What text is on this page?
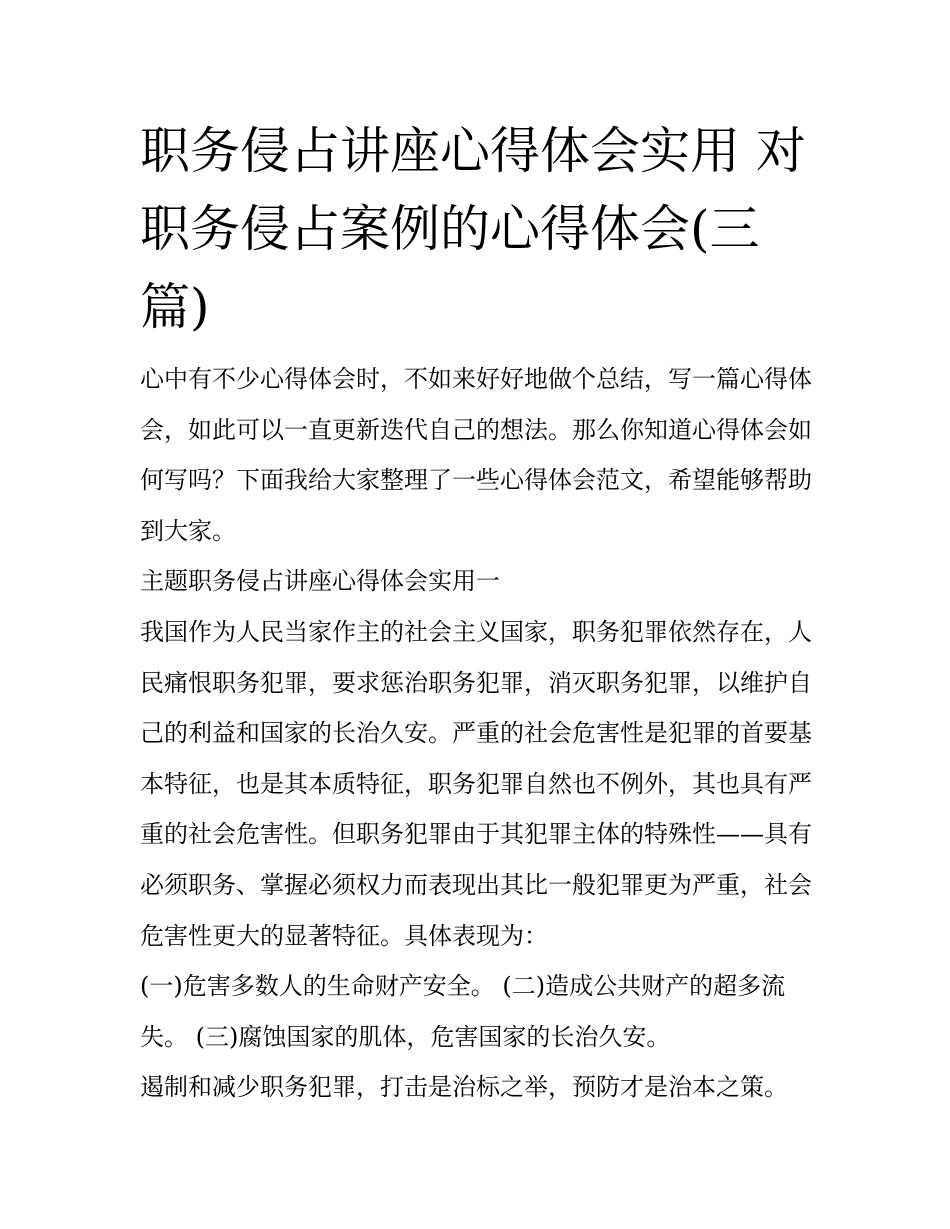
职务侵占讲座心得体会实用 对职务侵占案例的心得体会(三篇)

心中有不少心得体会时，不如来好好地做个总结，写一篇心得体会，如此可以一直更新迭代自己的想法。那么你知道心得体会如何写吗？下面我给大家整理了一些心得体会范文，希望能够帮助到大家。

主题职务侵占讲座心得体会实用一

我国作为人民当家作主的社会主义国家，职务犯罪依然存在，人民痛恨职务犯罪，要求惩治职务犯罪，消灭职务犯罪，以维护自己的利益和国家的长治久安。严重的社会危害性是犯罪的首要基本特征，也是其本质特征，职务犯罪自然也不例外，其也具有严重的社会危害性。但职务犯罪由于其犯罪主体的特殊性——具有必须职务、掌握必须权力而表现出其比一般犯罪更为严重，社会危害性更大的显著特征。具体表现为：

(一)危害多数人的生命财产安全。 (二)造成公共财产的超多流失。 (三)腐蚀国家的肌体，危害国家的长治久安。

遏制和减少职务犯罪，打击是治标之举，预防才是治本之策。
